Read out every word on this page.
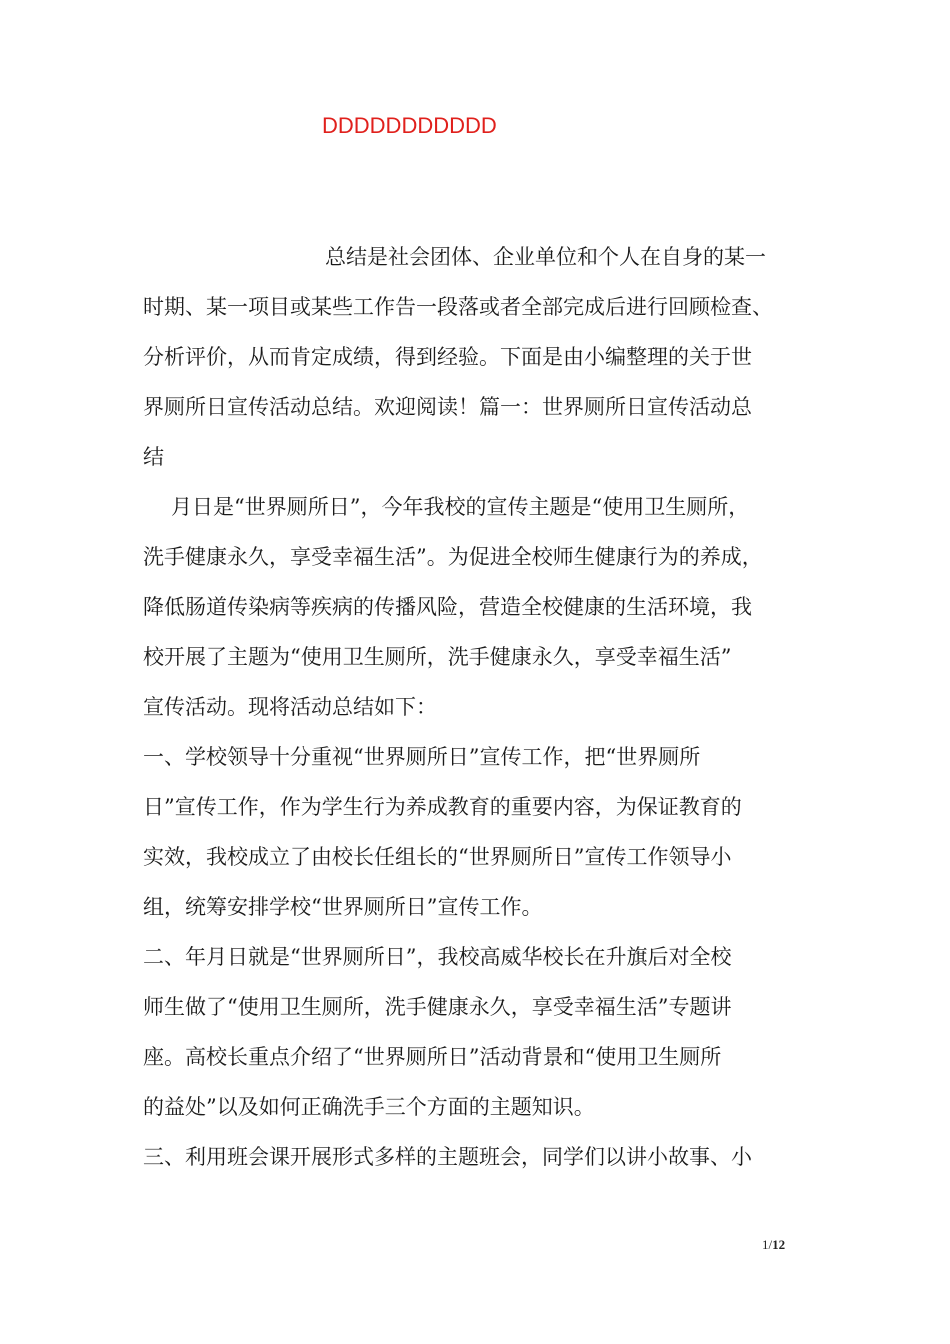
DDDDDDDDDDD
总结是社会团体、企业单位和个人在自身的某一
时期、某一项目或某些工作告一段落或者全部完成后进行回顾检查、
分析评价，从而肯定成绩，得到经验。下面是由小编整理的关于世
界厕所日宣传活动总结。欢迎阅读！篇一：世界厕所日宣传活动总
结
月日是“世界厕所日”，今年我校的宣传主题是“使用卫生厕所，
洗手健康永久，享受幸福生活”。为促进全校师生健康行为的养成，
降低肠道传染病等疾病的传播风险，营造全校健康的生活环境，我
校开展了主题为“使用卫生厕所，洗手健康永久，享受幸福生活”
宣传活动。现将活动总结如下：
一、学校领导十分重视“世界厕所日”宣传工作，把“世界厕所
日”宣传工作，作为学生行为养成教育的重要内容，为保证教育的
实效，我校成立了由校长任组长的“世界厕所日”宣传工作领导小
组，统筹安排学校“世界厕所日”宣传工作。
二、年月日就是“世界厕所日”，我校高威华校长在升旗后对全校
师生做了“使用卫生厕所，洗手健康永久，享受幸福生活”专题讲
座。高校长重点介绍了“世界厕所日”活动背景和“使用卫生厕所
的益处”以及如何正确洗手三个方面的主题知识。
三、利用班会课开展形式多样的主题班会，同学们以讲小故事、小
1/12
